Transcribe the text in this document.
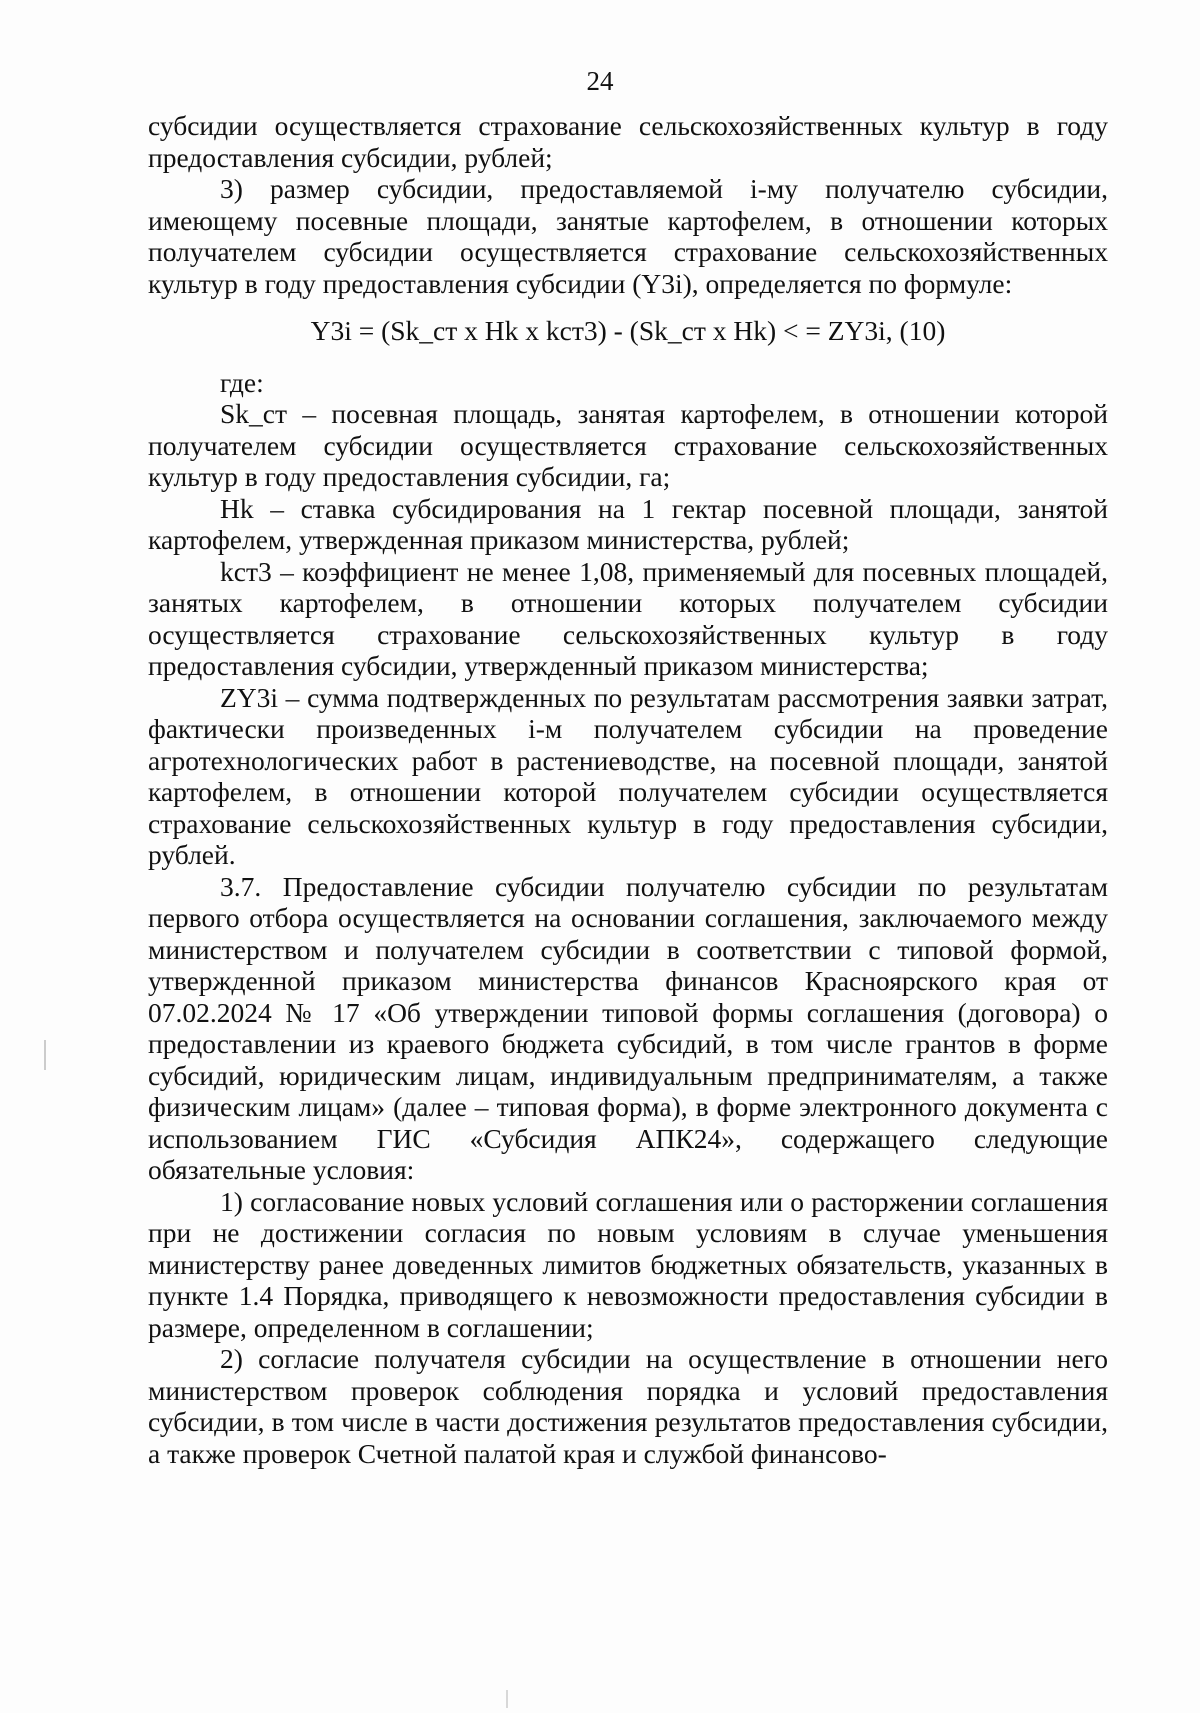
24

субсидии осуществляется страхование сельскохозяйственных культур в году предоставления субсидии, рублей;

3) размер субсидии, предоставляемой i-му получателю субсидии, имеющему посевные площади, занятые картофелем, в отношении которых получателем субсидии осуществляется страхование сельскохозяйственных культур в году предоставления субсидии (Y3i), определяется по формуле:

Y3i = (Sk_ст x Hk x kст3) - (Sk_ст x Hk) < = ZY3i, (10)

где:

Sk_ст – посевная площадь, занятая картофелем, в отношении которой получателем субсидии осуществляется страхование сельскохозяйственных культур в году предоставления субсидии, га;

Hk – ставка субсидирования на 1 гектар посевной площади, занятой картофелем, утвержденная приказом министерства, рублей;

kст3 – коэффициент не менее 1,08, применяемый для посевных площадей, занятых картофелем, в отношении которых получателем субсидии осуществляется страхование сельскохозяйственных культур в году предоставления субсидии, утвержденный приказом министерства;

ZY3i – сумма подтвержденных по результатам рассмотрения заявки затрат, фактически произведенных i-м получателем субсидии на проведение агротехнологических работ в растениеводстве, на посевной площади, занятой картофелем, в отношении которой получателем субсидии осуществляется страхование сельскохозяйственных культур в году предоставления субсидии, рублей.

3.7. Предоставление субсидии получателю субсидии по результатам первого отбора осуществляется на основании соглашения, заключаемого между министерством и получателем субсидии в соответствии с типовой формой, утвержденной приказом министерства финансов Красноярского края от 07.02.2024 № 17 «Об утверждении типовой формы соглашения (договора) о предоставлении из краевого бюджета субсидий, в том числе грантов в форме субсидий, юридическим лицам, индивидуальным предпринимателям, а также физическим лицам» (далее – типовая форма), в форме электронного документа с использованием ГИС «Субсидия АПК24», содержащего следующие обязательные условия:

1) согласование новых условий соглашения или о расторжении соглашения при не достижении согласия по новым условиям в случае уменьшения министерству ранее доведенных лимитов бюджетных обязательств, указанных в пункте 1.4 Порядка, приводящего к невозможности предоставления субсидии в размере, определенном в соглашении;

2) согласие получателя субсидии на осуществление в отношении него министерством проверок соблюдения порядка и условий предоставления субсидии, в том числе в части достижения результатов предоставления субсидии, а также проверок Счетной палатой края и службой финансово-
